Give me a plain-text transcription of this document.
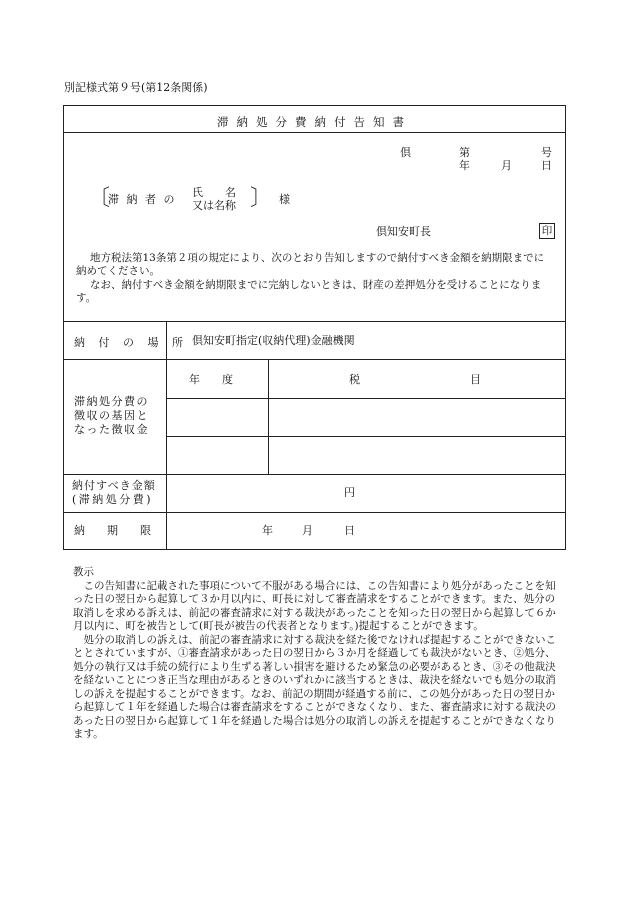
別記様式第９号(第12条関係)
滞納処分費納付告知書
倶	第	号
年	月	日
〔
滞 納 者 の
氏　　名
又は名称 〕 様
倶知安町長	印
地方税法第13条第２項の規定により、次のとおり告知しますので納付すべき金額を納期限までに納めてください。
なお、納付すべき金額を納期限までに完納しないときは、財産の差押処分を受けることになります。
納 付 の 場 所 倶知安町指定(収納代理)金融機関
滞納処分費の
徴収の基因と
なった徴収金
年　　度	税　　　　　　　　　　目
納付すべき金額
(滞納処分費)
円
納　　期　　限	年	月	日

教示

この告知書に記載された事項について不服がある場合には、この告知書により処分があったことを知った日の翌日から起算して３か月以内に、町長に対して審査請求をすることができます。また、処分の取消しを求める訴えは、前記の審査請求に対する裁決があったことを知った日の翌日から起算して６か月以内に、町を被告として(町長が被告の代表者となります。)提起することができます。

処分の取消しの訴えは、前記の審査請求に対する裁決を経た後でなければ提起することができないこととされていますが、①審査請求があった日の翌日から３か月を経過しても裁決がないとき、②処分、処分の執行又は手続の続行により生ずる著しい損害を避けるため緊急の必要があるとき、③その他裁決を経ないことにつき正当な理由があるときのいずれかに該当するときは、裁決を経ないでも処分の取消しの訴えを提起することができます。なお、前記の期間が経過する前に、この処分があった日の翌日から起算して１年を経過した場合は審査請求をすることができなくなり、また、審査請求に対する裁決のあった日の翌日から起算して１年を経過した場合は処分の取消しの訴えを提起することができなくなります。
